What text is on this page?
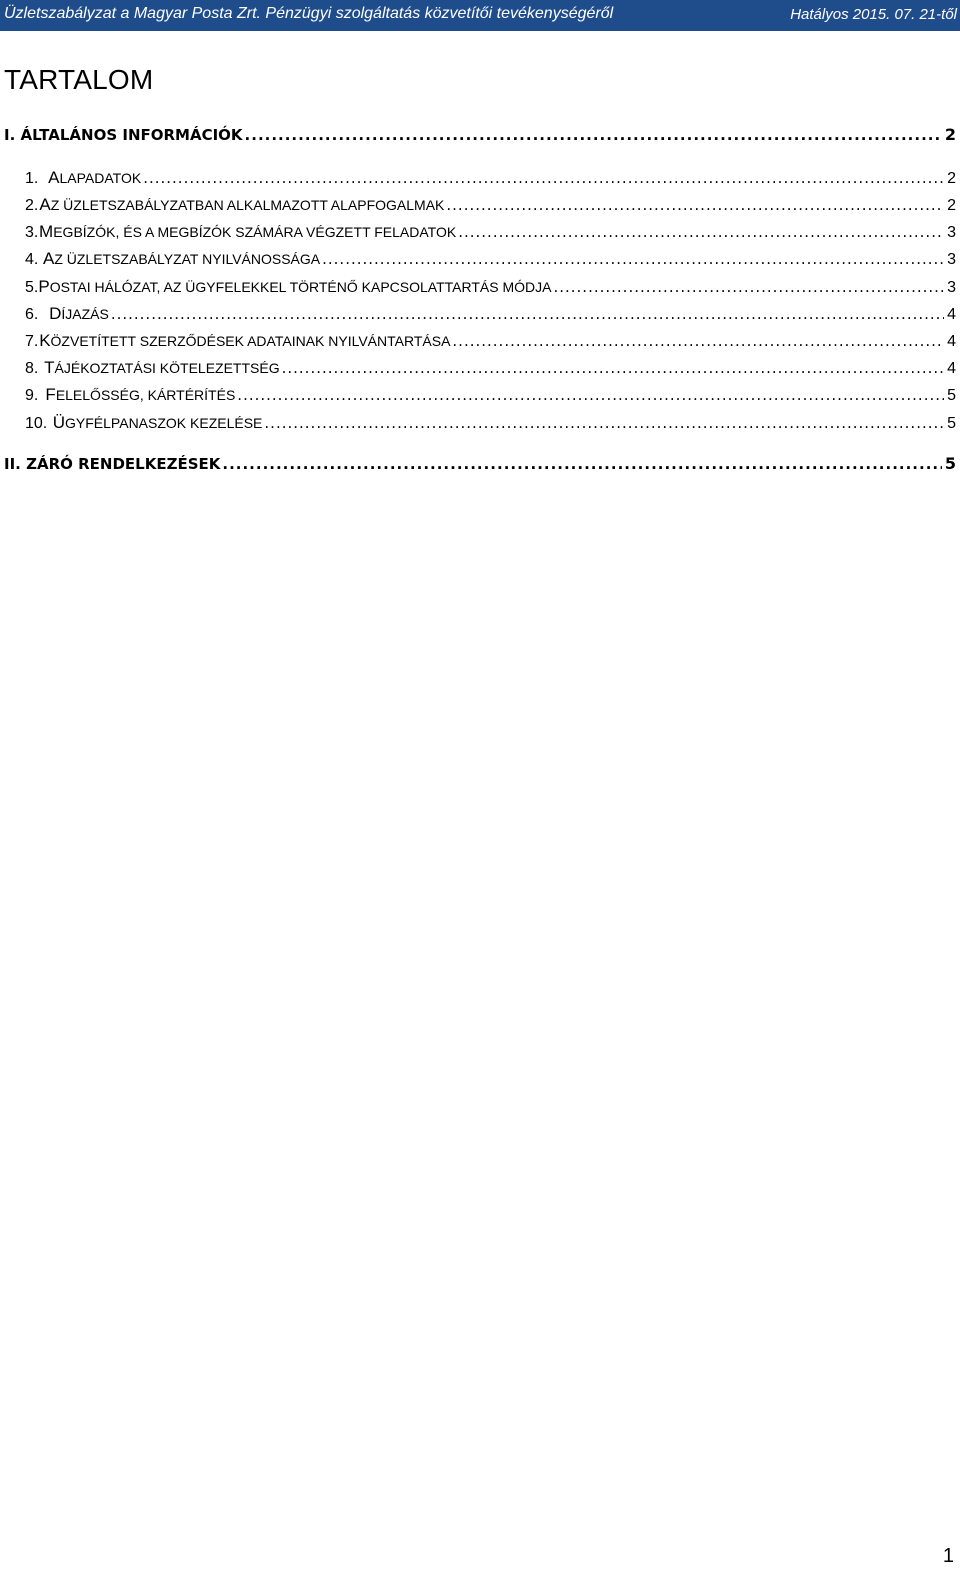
Üzletszabályzat a Magyar Posta Zrt. Pénzügyi szolgáltatás közvetítői tevékenységéről	Hatályos 2015. 07. 21-től
TARTALOM
I. ÁLTALÁNOS INFORMÁCIÓK .....	2
1. ALAPADATOK .....	2
2. AZ ÜZLETSZABÁLYZATBAN ALKALMAZOTT ALAPFOGALMAK .....	2
3. MEGBÍZÓK, ÉS A MEGBÍZÓK SZÁMÁRA VÉGZETT FELADATOK .....	3
4. AZ ÜZLETSZABÁLYZAT NYILVÁNOSSÁGA .....	3
5. POSTAI HÁLÓZAT, AZ ÜGYFELEKKEL TÖRTÉNŐ KAPCSOLATTARTÁS MÓDJA .....	3
6. DÍJAZÁS .....	4
7. KÖZVETÍTETT SZERZŐDÉSEK ADATAINAK NYILVÁNTARTÁSA .....	4
8. TÁJÉKOZTATÁSI KÖTELEZETTSÉG .....	4
9. FELELŐSSÉG, KÁRTÉRÍTÉS .....	5
10. ÜGYFÉLPANASZOK KEZELÉSE .....	5
II. ZÁRÓ RENDELKEZÉSEK .....	5
1
